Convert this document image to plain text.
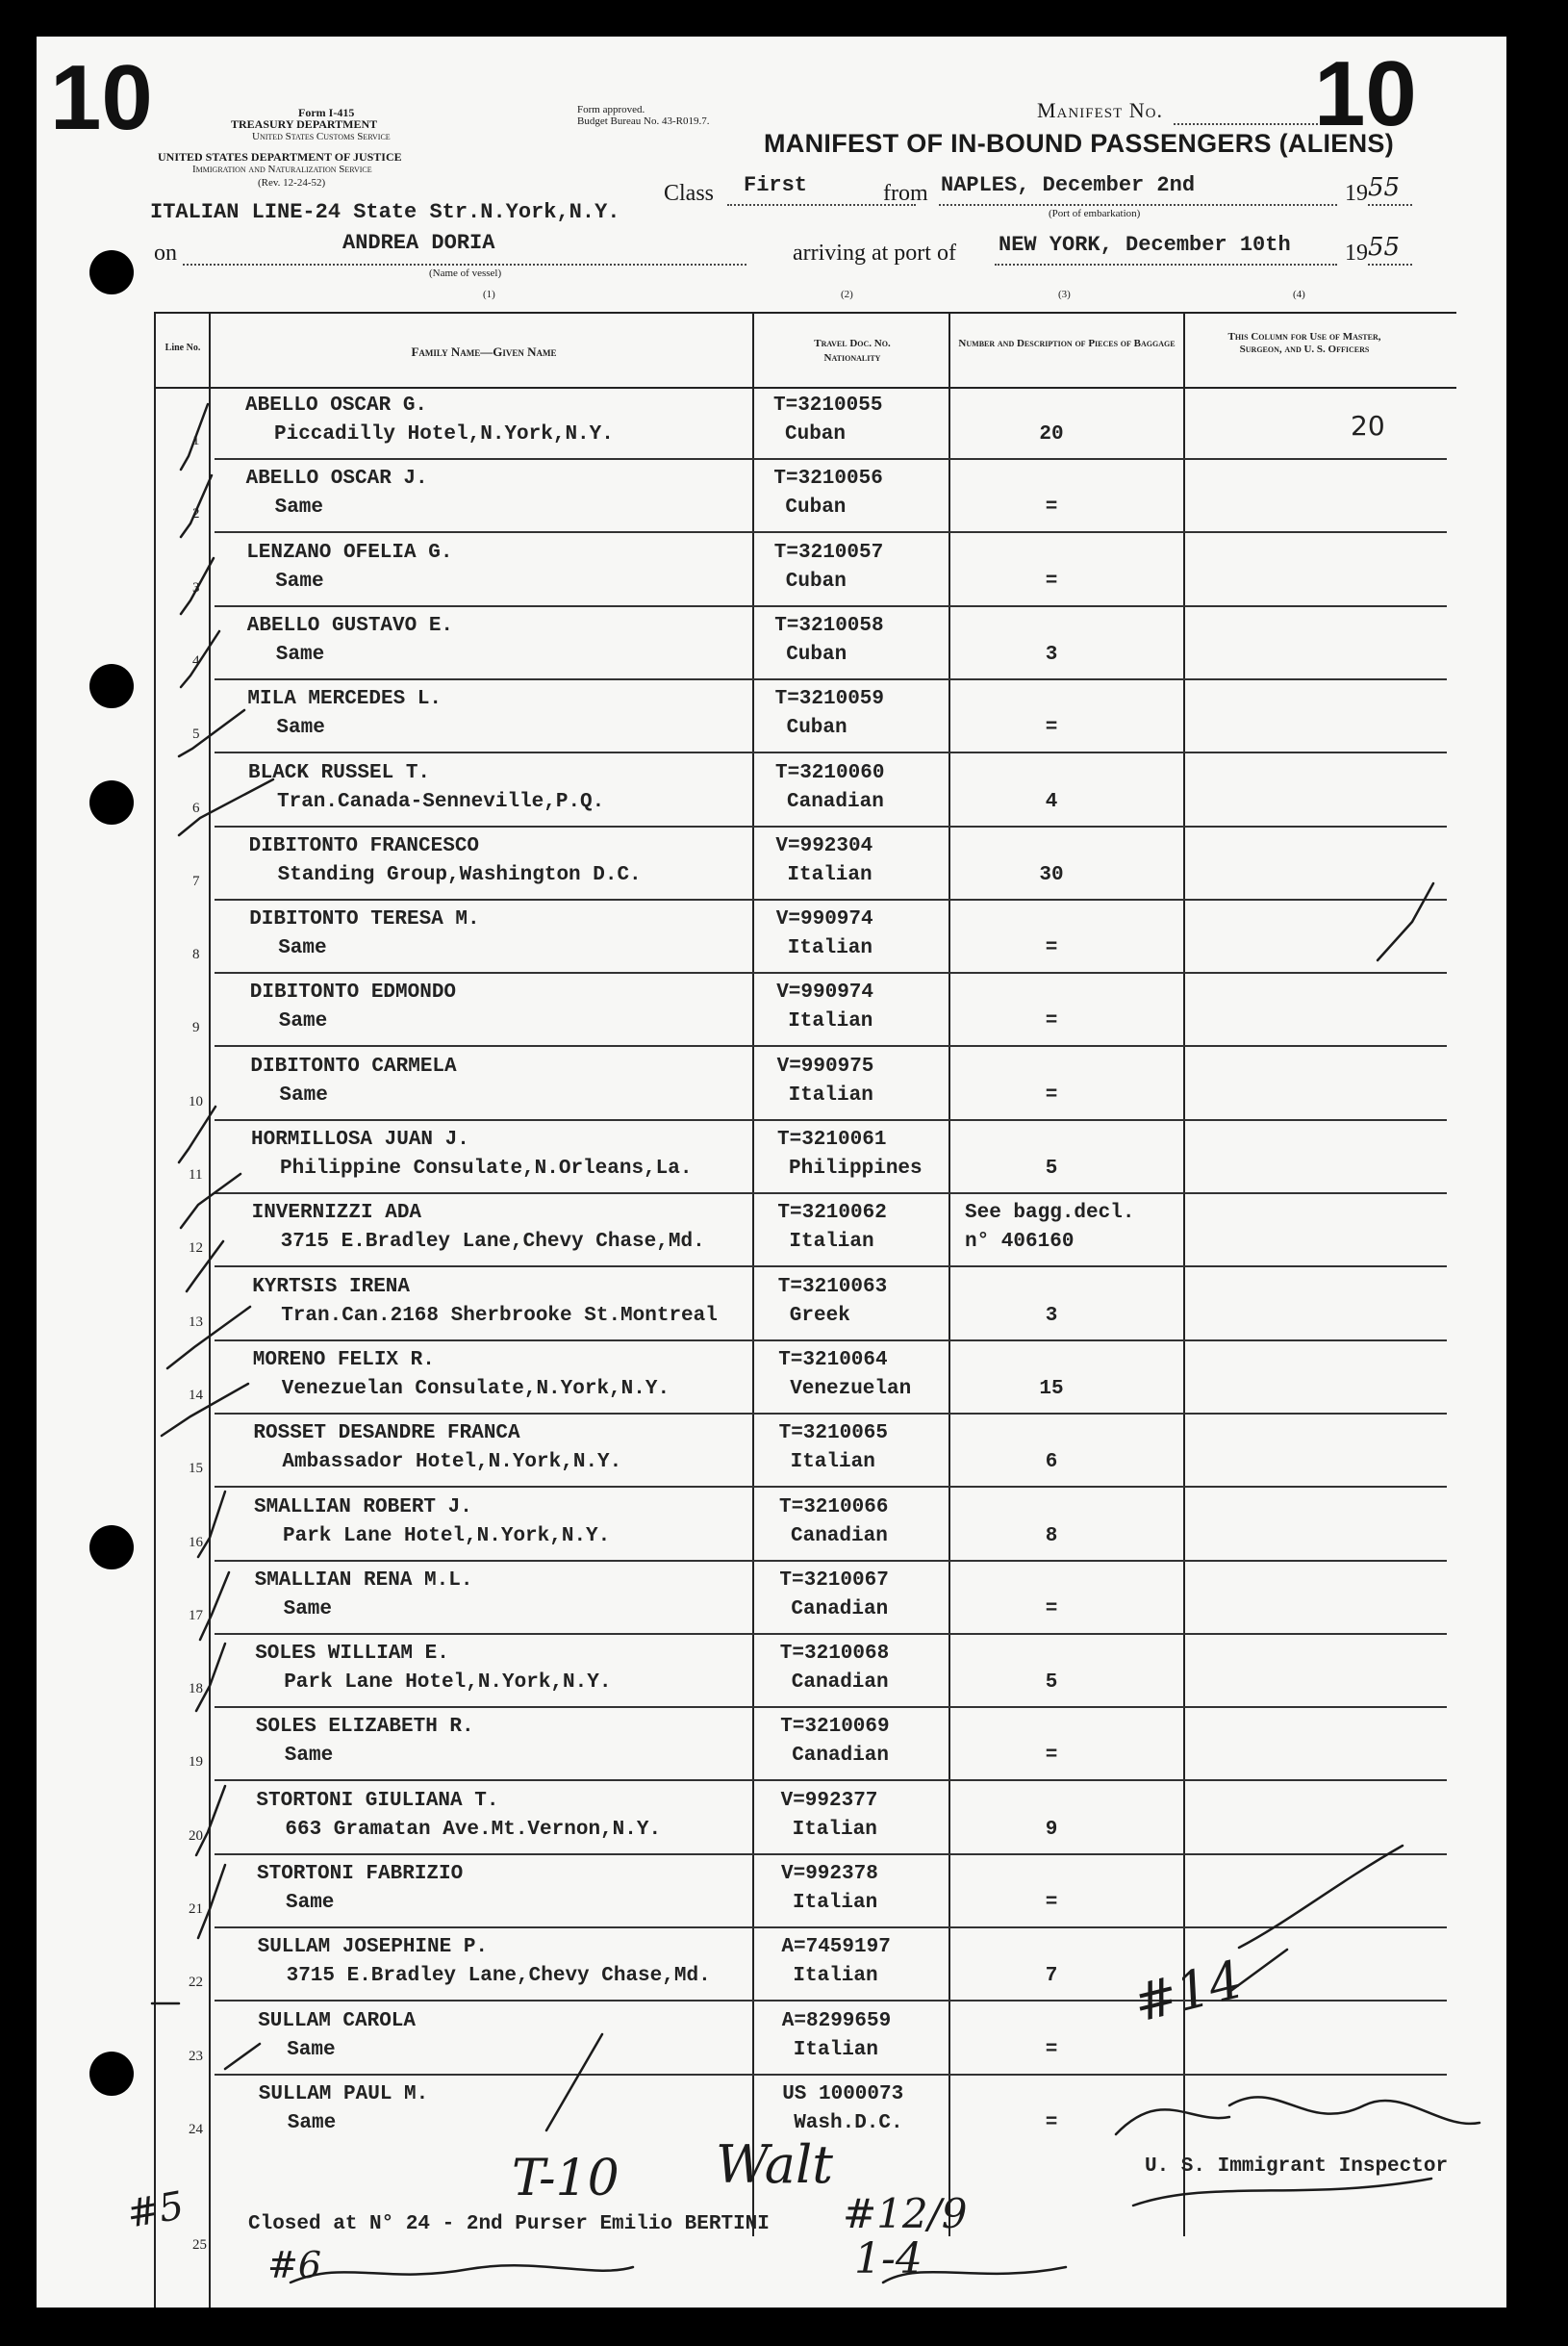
10	10
Form I-415
TREASURY DEPARTMENT
United States Customs Service
UNITED STATES DEPARTMENT OF JUSTICE
Immigration and Naturalization Service
(Rev. 12-24-52)
Form approved.
Budget Bureau No. 43-R019.7.	Manifest No.
MANIFEST OF IN-BOUND PASSENGERS (ALIENS)
ITALIAN LINE-24 State Str.N.York,N.Y.
Class First	from NAPLES, December 2nd
(Port of embarkation)
19 55
on	ANDREA DORIA
(Name of vessel)
arriving at port of NEW YORK, December 10th 19 55
(1)	(2)	(3)	(4)
Line No.	Family Name—Given Name
Travel Doc. No. Nationality
Number and Description of Pieces of Baggage
This Column for Use of Master, Surgeon, and U. S. Officers
1
ABELLO OSCAR G.
Piccadilly Hotel,N.York,N.Y.
T=3210055
Cuban	20	20
2
ABELLO OSCAR J.
Same
T=3210056
Cuban	=
3
LENZANO OFELIA G.
Same
T=3210057
Cuban	=
4
ABELLO GUSTAVO E.
Same
T=3210058
Cuban	3
5
MILA MERCEDES L.
Same
T=3210059
Cuban	=
6
BLACK RUSSEL T.
Tran.Canada-Senneville,P.Q.
T=3210060
Canadian	4
7
DIBITONTO FRANCESCO
Standing Group,Washington D.C.
V=992304
Italian	30
8
DIBITONTO TERESA M.
Same
V=990974
Italian	=
9
DIBITONTO EDMONDO
Same
V=990974
Italian	=
10
DIBITONTO CARMELA
Same
V=990975
Italian	=
11
HORMILLOSA JUAN J.
Philippine Consulate,N.Orleans,La.
T=3210061
Philippines	5
12
INVERNIZZI ADA
3715 E.Bradley Lane,Chevy Chase,Md.
T=3210062
Italian
See bagg.decl.
n° 406160
13
KYRTSIS IRENA
Tran.Can.2168 Sherbrooke St.Montreal
T=3210063
Greek	3
14
MORENO FELIX R.
Venezuelan Consulate,N.York,N.Y.
T=3210064
Venezuelan	15
15
ROSSET DESANDRE FRANCA
Ambassador Hotel,N.York,N.Y.
T=3210065
Italian	6
16
SMALLIAN ROBERT J.
Park Lane Hotel,N.York,N.Y.
T=3210066
Canadian	8
17
SMALLIAN RENA M.L.
Same
T=3210067
Canadian	=
18
SOLES WILLIAM E.
Park Lane Hotel,N.York,N.Y.
T=3210068
Canadian	5
19
SOLES ELIZABETH R.
Same
T=3210069
Canadian	=
20
STORTONI GIULIANA T.
663 Gramatan Ave.Mt.Vernon,N.Y.
V=992377
Italian	9
21
STORTONI FABRIZIO
Same
V=992378
Italian	=
22
SULLAM JOSEPHINE P.
3715 E.Bradley Lane,Chevy Chase,Md.
A=7459197
Italian	7
23
SULLAM CAROLA
Same
A=8299659
Italian	=
24
SULLAM PAUL M.
Same
US 1000073
Wash.D.C.	=
25
Closed at N° 24 - 2nd Purser Emilio BERTINI
U. S. Immigrant Inspector
#14
T-10 Walt
#5
#6
#12/9
1-4
